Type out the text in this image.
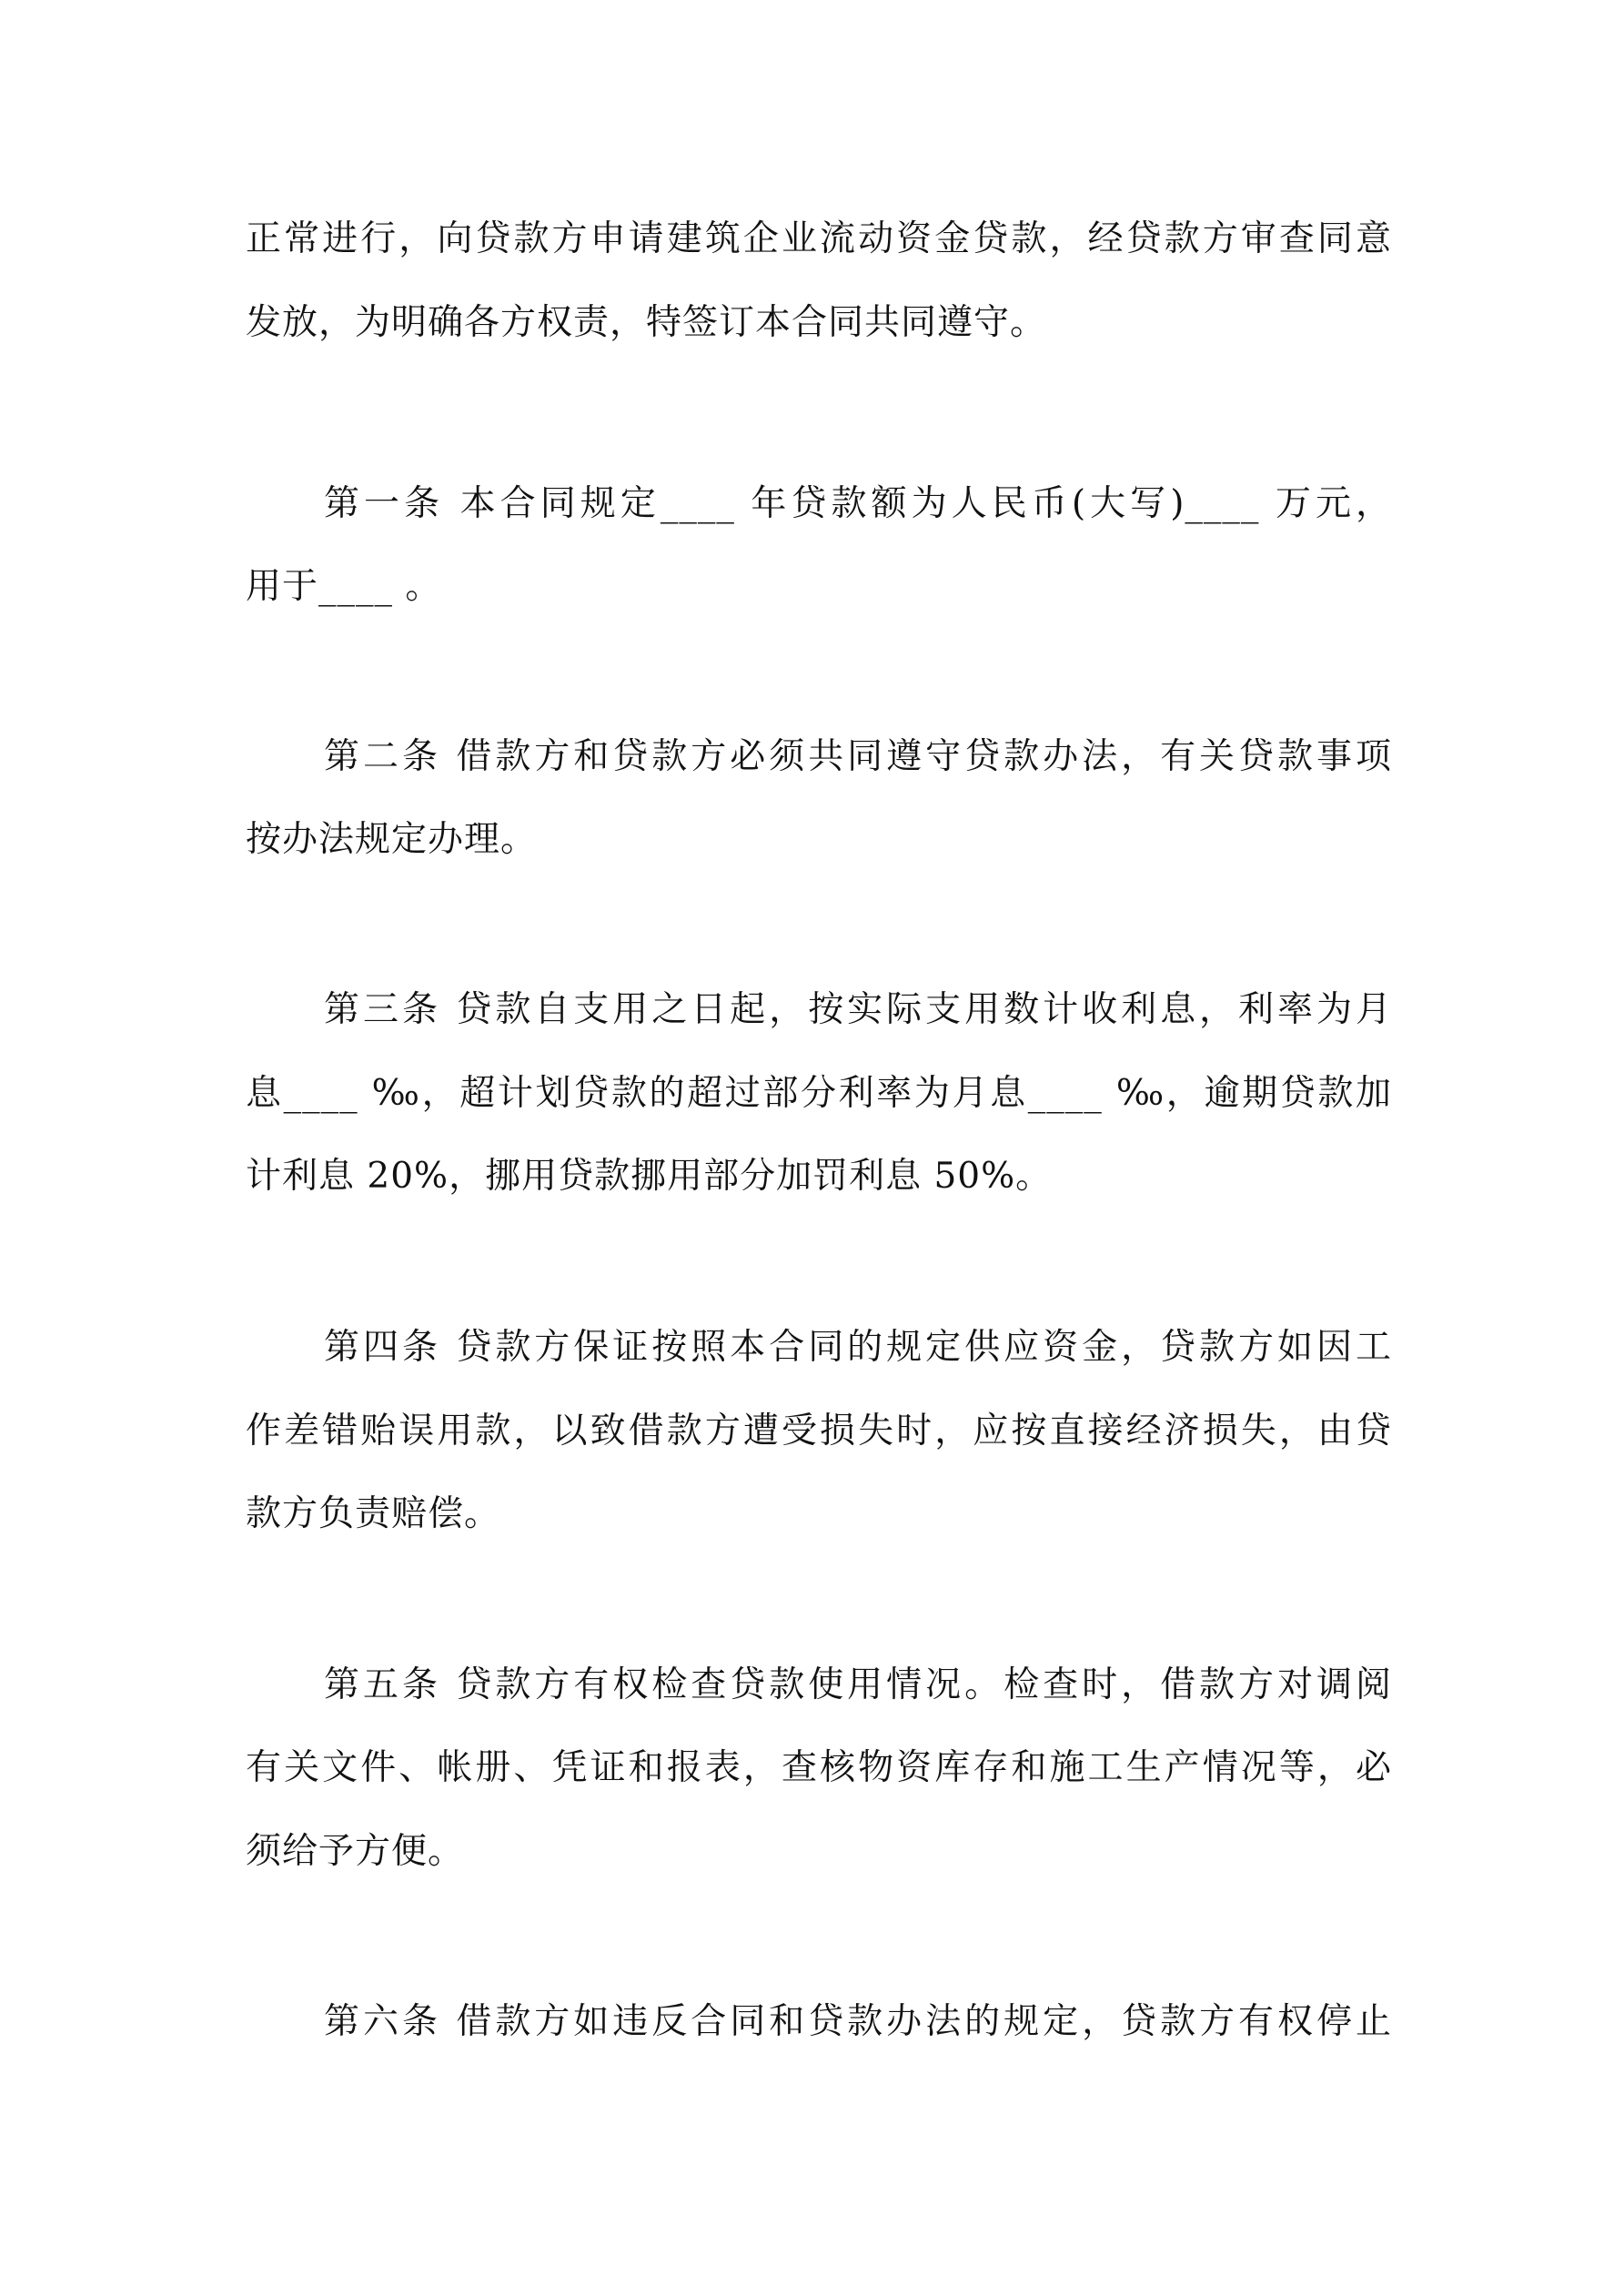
正常进行，向贷款方申请建筑企业流动资金贷款，经贷款方审查同意
发放，为明确各方权责，特签订本合同共同遵守。
第一条 本合同规定____ 年贷款额为人民币(大写)____ 万元，
用于____ 。
第二条 借款方和贷款方必须共同遵守贷款办法，有关贷款事项
按办法规定办理。
第三条 贷款自支用之日起，按实际支用数计收利息，利率为月
息____ ‰，超计划贷款的超过部分利率为月息____ ‰，逾期贷款加
计利息 20%，挪用贷款挪用部分加罚利息 50%。
第四条 贷款方保证按照本合同的规定供应资金，贷款方如因工
作差错贻误用款，以致借款方遭受损失时，应按直接经济损失，由贷
款方负责赔偿。
第五条 贷款方有权检查贷款使用情况。检查时，借款方对调阅
有关文件、帐册、凭证和报表，查核物资库存和施工生产情况等，必
须给予方便。
第六条 借款方如违反合同和贷款办法的规定，贷款方有权停止
